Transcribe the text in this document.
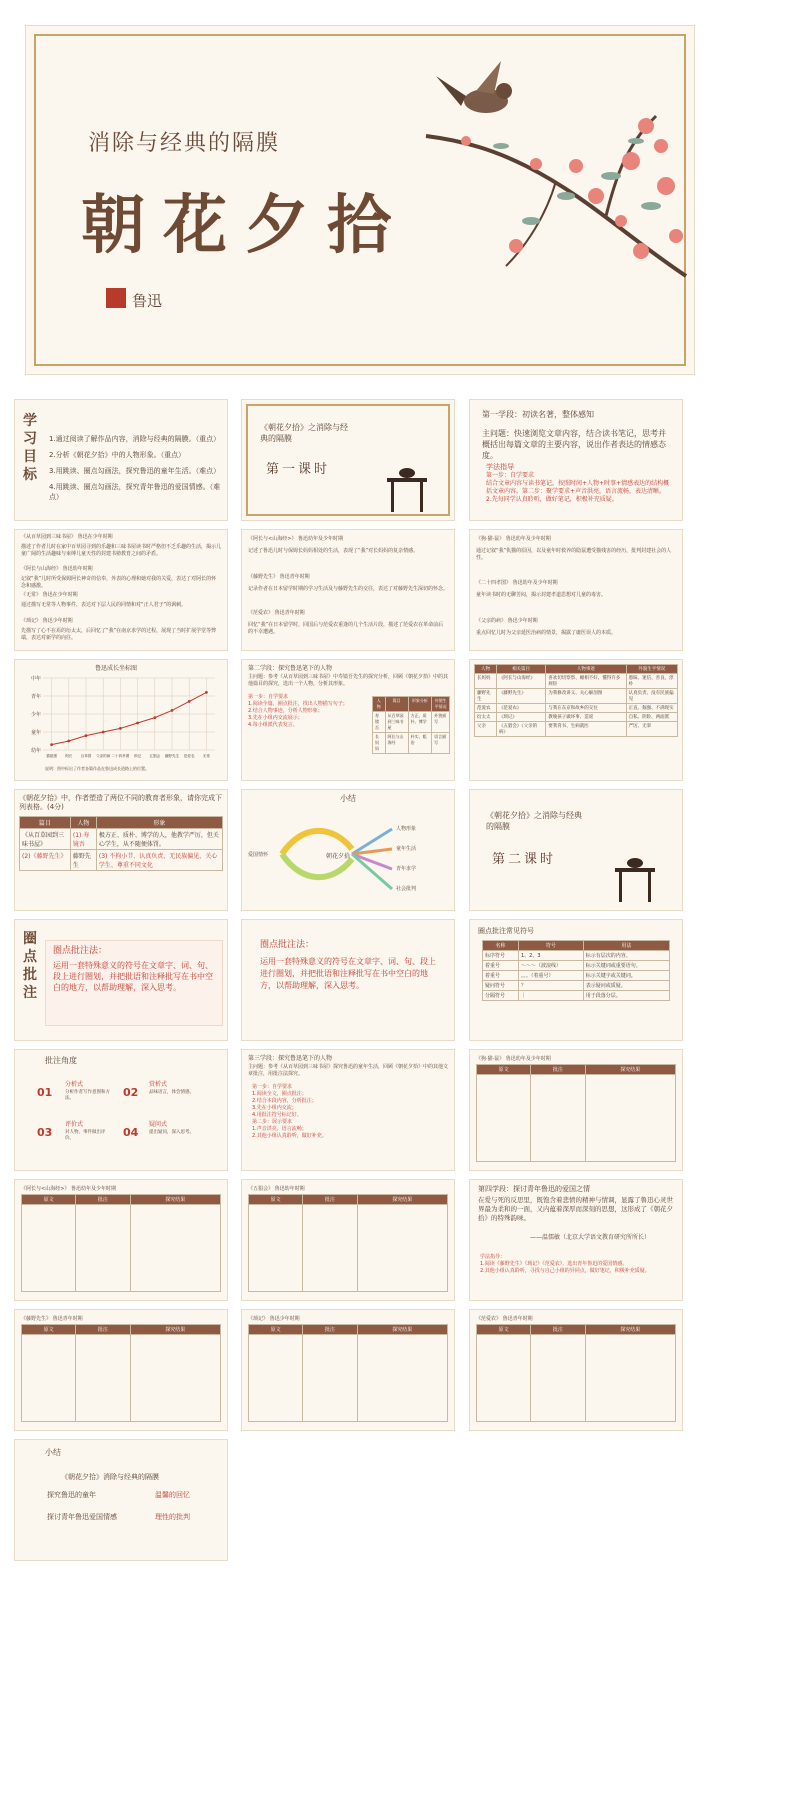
消除与经典的隔膜
朝花夕拾
鲁迅
学习目标
1.通过阅读了解作品内容，消除与经典的隔膜。（重点）
2.分析《朝花夕拾》中的人物形象。（重点）
3.用跳读、圈点勾画法，探究鲁迅的童年生活。（难点）
4.用跳读、圈点勾画法，探究青年鲁迅的爱国情感。（难点）
《朝花夕拾》之消除与经典的隔膜
第一课时
第一学段：初读名著，整体感知
主问题：快速浏览文章内容，结合读书笔记，思考并概括出每篇文章的主要内容，说出作者表达的情感态度。
学法指导
第一步：自学要求
结合文章内容与读书笔记，按照时间+人物+时事+情感表达的结构概括文章内容。第二步：聚学要求+声音洪亮，语言流畅，表达清晰。
2.先每同学认真聆听，做好笔记，积极补充质疑。
《从百草园到三味书屋》 鲁迅在少年时期
描述了作者儿时在家中百草园寻到的乐趣和三味书屋读书时严格但不乏乐趣的生活，揭示儿童广阔的生活趣味与束缚儿童天性的封建书塾教育之间的矛盾。
《阿长与山海经》 鲁迅幼年时期
记叙“我”儿时所受保姆阿长神奇的信奉，外表的心理和她对我的关爱，表达了对阿长的怀念和感激。
《无常》 鲁迅在少年时期
通过描写无常等人物事件，表达对下层人民的同情和对“正人君子”的讽刺。
《琐记》 鲁迅少年时期
先描写了心不在焉的衍太太，后回忆了“我”在南京求学的过程，展现了当时扩展学堂等弊端，表达对新学的向往。
《阿长与<山海经>》 鲁迅幼年及少年时期
记述了鲁迅儿时与保姆长妈妈相处的生活，表现了“我”对长妈妈的复杂情感。
《藤野先生》 鲁迅青年时期
记录作者在日本留学时期的学习生活及与藤野先生的交往，表达了对藤野先生深切的怀念。
《范爱农》 鲁迅青年时期
回忆“我”在日本留学时，回国后与范爱农重逢的几个生活片段，描述了范爱农在革命前后的不幸遭遇。
《狗·猫·鼠》 鲁迅幼年及少年时期
通过记叙“我”仇猫的原因，以及童年时救养的隐鼠遭受猫残害的经历，批判封建社会的人性。
《二十四孝图》 鲁迅幼年及少年时期
童年读书时的无聊苦闷，揭示封建孝道思想对儿童的毒害。
《父亲的病》 鲁迅少年时期
重点回忆儿时为父亲延医治病的情景，揭露了庸医误人的本质。
鲁迅成长坐标图
幼年
童年
少年
青年
中年
猫鼠猪 阿长 百草园 父亲的病 二十四孝图 琐记 五猖会 藤野先生 范爱农 无常
说明：图中标出了作者各篇作品在鲁迅成长道路上的位置。
第二学段：探究鲁迅笔下的人物
主问题：参考《从百草园到三味书屋》中寿镜吾先生的探究分析，回顾《朝花夕拾》中的其他篇目的探究，选出一个人物，分析其形象。
第一步：自学要求
1.阅读全篇，圈点批注，找出人物描写句子；
2.结合人物事迹，分析人物形象；
3.先在小组内交流展示；
4.每小组派代表发言。
人物	篇目	形象分析	外貌生平情况
寿镜吾	从百草园到三味书屋	方正、质朴、博学	外貌描写
长妈妈	阿长与山海经	朴实、粗俗	语言描写
人物	相关篇目	人物事迹	外貌生平情况
长妈妈	《阿长与山海经》	喜欢切切察察、睡相不好、懂得许多规矩	愚昧、迷信、善良、淳朴
藤野先生	《藤野先生》	为我修改讲义、关心解剖图	认真负责、没有民族偏见
范爱农	《范爱农》	与我在东京和故乡的交往	正直、倔强、不满现实
衍太太	《琐记》	教唆孩子做坏事、造谣	自私、阴险、两面派
父亲	《五猖会》《父亲的病》	要我背书、生病就医	严厉、无辜
《朝花夕拾》中，作者塑造了两位不同的教育者形象，请你完成下列表格。(4分)
篇目	人物	形象
《从百草园到三味书屋》	(1) 寿镜吾	极方正、质朴、博学的人，他教学严厉，但关心学生，从不随便体罚。
(2)《藤野先生》	藤野先生	(3) 不拘小节、认真负责、无民族偏见、关心学生、尊重不同文化
小结
朝花夕拾
人物形象
童年生活
青年求学
社会批判
爱国情怀
《朝花夕拾》之消除与经典的隔膜
第二课时
圈点批注
圈点批注法：
运用一套特殊意义的符号在文章字、词、句、段上进行圈划，并把批语和注释批写在书中空白的地方，以帮助理解，深入思考。
圈点批注法：
运用一套特殊意义的符号在文章字、词、句、段上进行圈划，并把批语和注释批写在书中空白的地方，以帮助理解，深入思考。
圈点批注常见符号
名称	符号	用法
标序符号	1、2、3	标示有层次的内容。
着重号	～～～（波浪线）	标示关键词或重要语句。
着重号	。。。（着重号）	标示关键字或关键词。
疑问符号	？	表示疑问或质疑。
分隔符号	｜	用于段落分层。
批注角度
01
分析式
分析作者写作意图和方法。	02
赏析式
品味语言，体会情感。
03
评价式
对人物、事件做出评价。	04
疑问式
提出疑问，深入思考。
第三学段：探究鲁迅笔下的人物
主问题：参考《从百草园到三味书屋》探究鲁迅的童年生活，回顾《朝花夕拾》中的其他文章批注，用批注法探究。
第一步：自学要求
1.阅读全文，圈点批注；
2.结合本段内容，分析批注；
3.先在小组内交流；
4.用批注符号标记好。
第二步：展示要求
1.声音洪亮，语言流畅；
2.其他小组认真聆听，做好补充。
《狗·猫·鼠》 鲁迅幼年及少年时期
原文	批注	探究结果

《阿长与<山海经>》 鲁迅幼年及少年时期
原文	批注	探究结果

《五猖会》 鲁迅幼年时期
原文	批注	探究结果

第四学段：探讨青年鲁迅的爱国之情
在爱与死的反思里，既饱含着悲愤的精神与情调，显露了鲁迅心灵世界最为柔和的一面，又内蕴着深厚而深刻的思想，这形成了《朝花夕拾》的特殊韵味。
——温儒敏（北京大学语文教育研究所所长）
学法指导：
1.阅读《藤野先生》《琐记》《范爱农》，选出青年鲁迅的爱国情感。
2.其他小组认真聆听，寻找与自己小组的异同点，做好笔记，积极补充质疑。
《藤野先生》 鲁迅青年时期
原文	批注	探究结果

《琐记》 鲁迅少年时期
原文	批注	探究结果

《范爱农》 鲁迅青年时期
原文	批注	探究结果

小结
《朝花夕拾》消除与经典的隔膜
探究鲁迅的童年	温馨的回忆
探讨青年鲁迅爱国情感	理性的批判
